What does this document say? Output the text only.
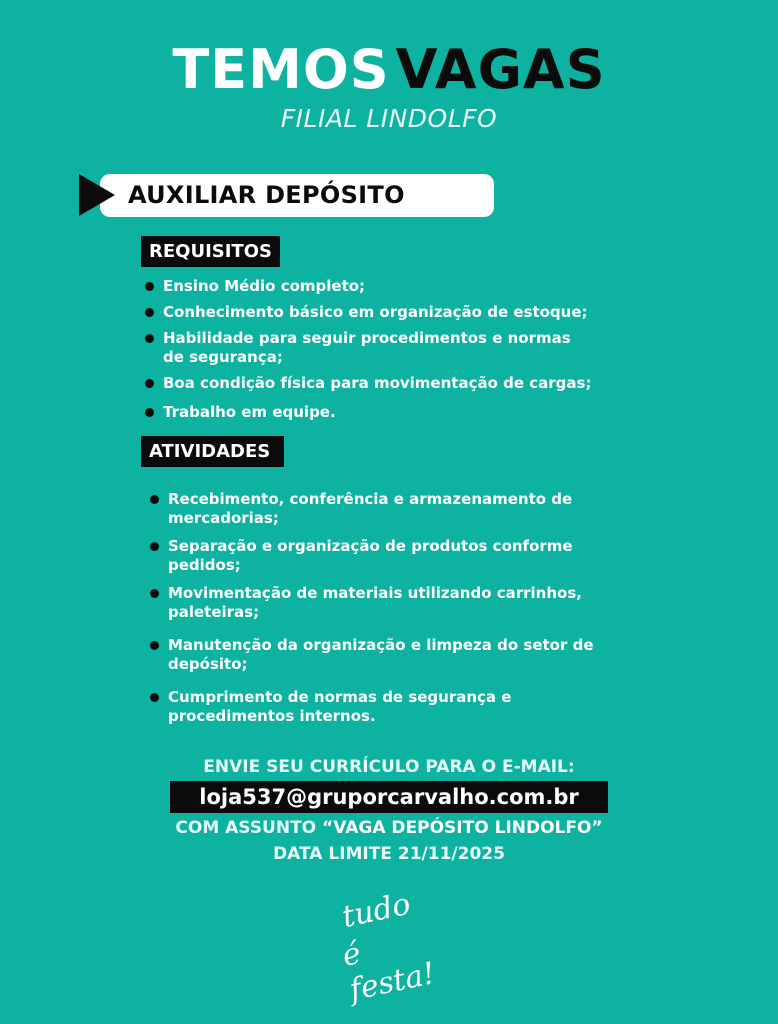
TEMOS VAGAS
FILIAL LINDOLFO
AUXILIAR DEPÓSITO
REQUISITOS
Ensino Médio completo;
Conhecimento básico em organização de estoque;
Habilidade para seguir procedimentos e normas de segurança;
Boa condição física para movimentação de cargas;
Trabalho em equipe.
ATIVIDADES
Recebimento, conferência e armazenamento de mercadorias;
Separação e organização de produtos conforme pedidos;
Movimentação de materiais utilizando carrinhos, paleteiras;
Manutenção da organização e limpeza do setor de depósito;
Cumprimento de normas de segurança e procedimentos internos.
ENVIE SEU CURRÍCULO PARA O E-MAIL:
loja537@gruporcarvalho.com.br
COM ASSUNTO “VAGA DEPÓSITO LINDOLFO”
DATA LIMITE 21/11/2025
tudo
é festa!
